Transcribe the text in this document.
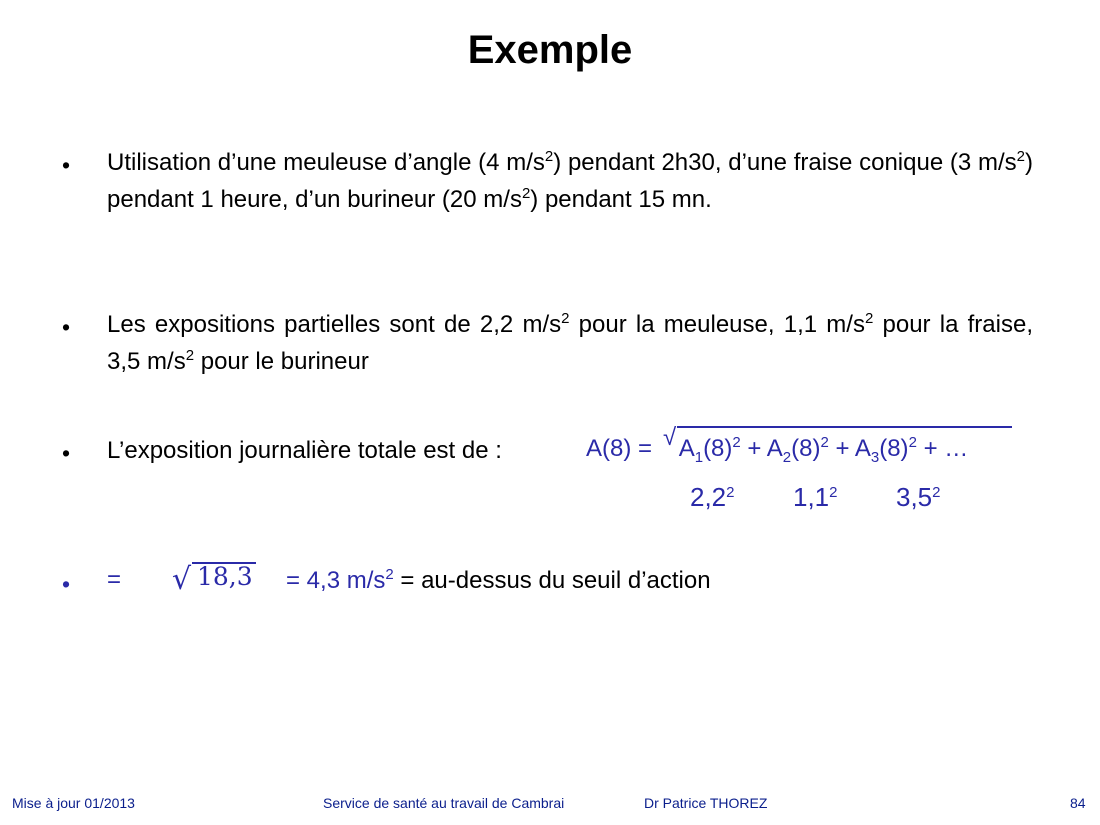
Exemple
• Utilisation d’une meuleuse d’angle (4 $m/s^2$) pendant 2h30, d’une fraise conique (3 $m/s^2$) pendant 1 heure, d’un burineur (20 $m/s^2$) pendant 15 mn.
• Les expositions partielles sont de 2,2 $m/s^2$ pour la meuleuse, 1,1 $m/s^2$ pour la fraise, 3,5 $m/s^2$ pour le burineur
• L’exposition journalière totale est de :	√
$A(8) = A_1(8)^2 + A_2(8)^2 + A_3(8)^2$ + …
$2,2^2$ $1,1^2$ $3,5^2$
• = √ 18,3 = 4,3 $m/s^2$ = au-dessus du seuil d’action
Mise à jour 01/2013	Service de santé au travail de Cambrai	Dr Patrice THOREZ	84
